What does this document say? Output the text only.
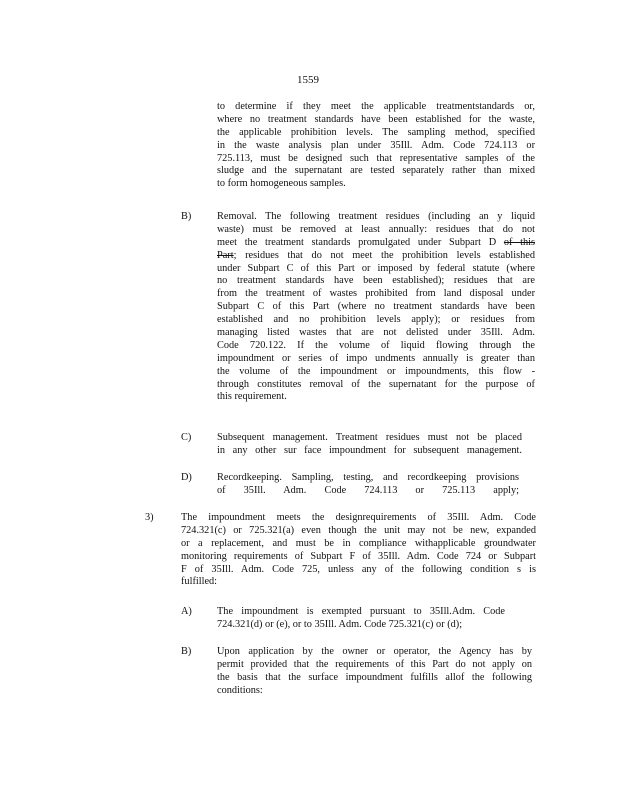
1559
to determine if they meet the applicable treatmentstandards or,
where no treatment standards have been established for the waste,
the applicable prohibition levels. The sampling method, specified
in the waste analysis plan under 35Ill. Adm. Code 724.113 or
725.113, must be designed such that representative samples of the
sludge and the supernatant are tested separately rather than mixed
to form homogeneous samples.
B) Removal. The following treatment residues (including an y liquid
waste) must be removed at least annually: residues that do not
meet the treatment standards promulgated under Subpart D of this
Part; residues that do not meet the prohibition levels established
under Subpart C of this Part or imposed by federal statute (where
no treatment standards have been established); residues that are
from the treatment of wastes prohibited from land disposal under
Subpart C of this Part (where no treatment standards have been
established and no prohibition levels apply); or residues from
managing listed wastes that are not delisted under 35Ill. Adm.
Code 720.122. If the volume of liquid flowing through the
impoundment or series of impo undments annually is greater than
the volume of the impoundment or impoundments, this flow -
through constitutes removal of the supernatant for the purpose of
this requirement.
C) Subsequent management. Treatment residues must not be placed
in any other sur face impoundment for subsequent management.
D) Recordkeeping. Sampling, testing, and recordkeeping provisions
of 35Ill. Adm. Code 724.113 or 725.113 apply;
3)	The impoundment meets the designrequirements of 35Ill. Adm. Code
724.321(c) or 725.321(a) even though the unit may not be new, expanded
or a replacement, and must be in compliance withapplicable groundwater
monitoring requirements of Subpart F of 35Ill. Adm. Code 724 or Subpart
F of 35Ill. Adm. Code 725, unless any of the following condition s is
fulfilled:
A) The impoundment is exempted pursuant to 35Ill.Adm. Code
724.321(d) or (e), or to 35Ill. Adm. Code 725.321(c) or (d);
B) Upon application by the owner or operator, the Agency has by
permit provided that the requirements of this Part do not apply on
the basis that the surface impoundment fulfills allof the following
conditions:
